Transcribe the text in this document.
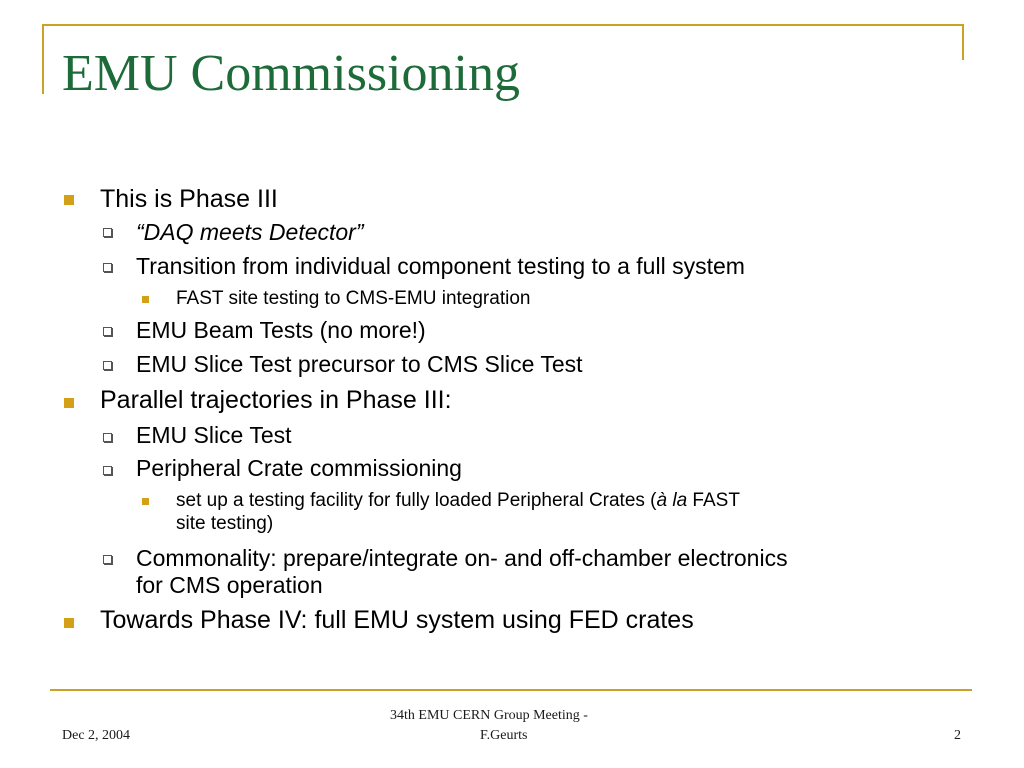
EMU Commissioning
This is Phase III
“DAQ meets Detector”
Transition from individual component testing to a full system
FAST site testing to CMS-EMU integration
EMU Beam Tests (no more!)
EMU Slice Test precursor to CMS Slice Test
Parallel trajectories in Phase III:
EMU Slice Test
Peripheral Crate commissioning
set up a testing facility for fully loaded Peripheral Crates (à la FAST
site testing)
Commonality: prepare/integrate on- and off-chamber electronics
for CMS operation
Towards Phase IV: full EMU system using FED crates
Dec 2, 2004
34th EMU CERN Group Meeting -
F.Geurts	2
